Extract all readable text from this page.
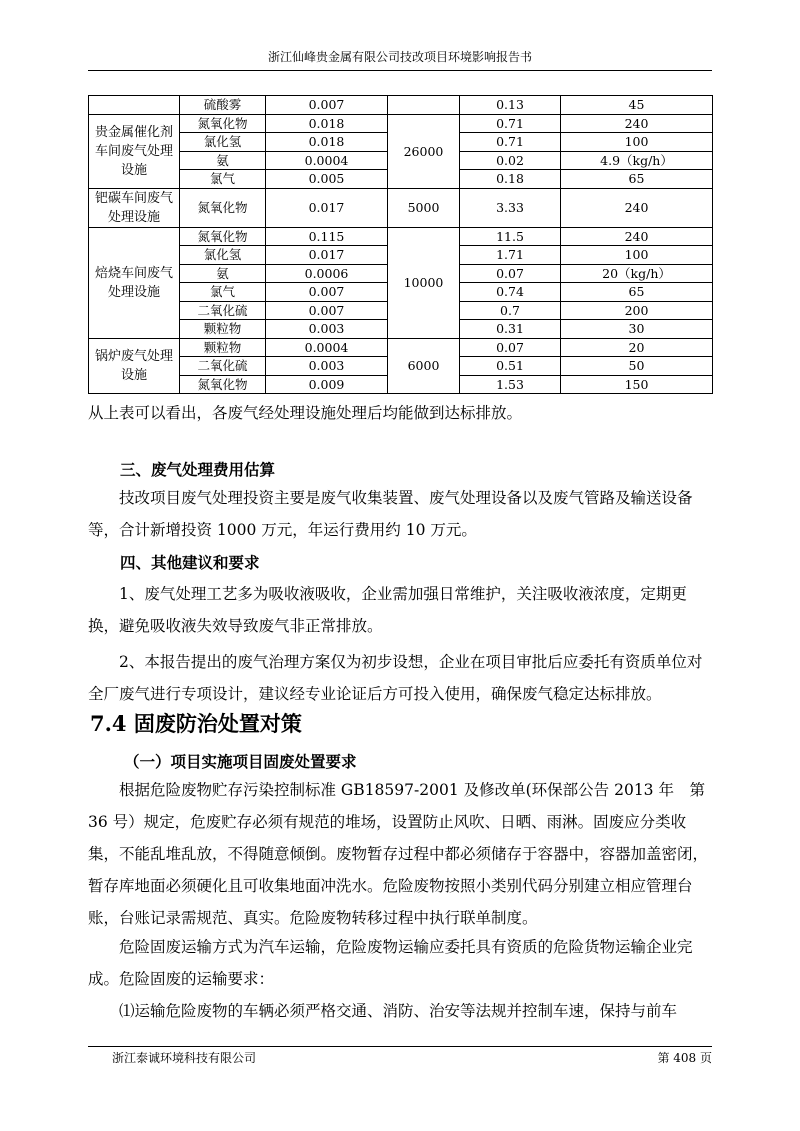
浙江仙峰贵金属有限公司技改项目环境影响报告书
	硫酸雾	0.007		0.13	45
贵金属催化剂车间废气处理设施	氮氧化物	0.018	26000	0.71	240
	氯化氢	0.018		0.71	100
	氨	0.0004		0.02	4.9（kg/h）
	氯气	0.005		0.18	65
钯碳车间废气处理设施	氮氧化物	0.017	5000	3.33	240
焙烧车间废气处理设施	氮氧化物	0.115	10000	11.5	240
	氯化氢	0.017		1.71	100
	氨	0.0006		0.07	20（kg/h）
	氯气	0.007		0.74	65
	二氧化硫	0.007		0.7	200
	颗粒物	0.003		0.31	30
锅炉废气处理设施	颗粒物	0.0004	6000	0.07	20
	二氧化硫	0.003		0.51	50
	氮氧化物	0.009		1.53	150
从上表可以看出，各废气经处理设施处理后均能做到达标排放。
三、废气处理费用估算
技改项目废气处理投资主要是废气收集装置、废气处理设备以及废气管路及输送设备等，合计新增投资 1000 万元，年运行费用约 10 万元。
四、其他建议和要求
1、废气处理工艺多为吸收液吸收，企业需加强日常维护，关注吸收液浓度，定期更换，避免吸收液失效导致废气非正常排放。
2、本报告提出的废气治理方案仅为初步设想，企业在项目审批后应委托有资质单位对全厂废气进行专项设计，建议经专业论证后方可投入使用，确保废气稳定达标排放。
7.4 固废防治处置对策
（一）项目实施项目固废处置要求
根据危险废物贮存污染控制标准 GB18597-2001 及修改单(环保部公告 2013 年　第 36 号）规定，危废贮存必须有规范的堆场，设置防止风吹、日晒、雨淋。固废应分类收集，不能乱堆乱放，不得随意倾倒。废物暂存过程中都必须储存于容器中，容器加盖密闭，暂存库地面必须硬化且可收集地面冲洗水。危险废物按照小类别代码分别建立相应管理台账，台账记录需规范、真实。危险废物转移过程中执行联单制度。
危险固废运输方式为汽车运输，危险废物运输应委托具有资质的危险货物运输企业完成。危险固废的运输要求：
⑴运输危险废物的车辆必须严格交通、消防、治安等法规并控制车速，保持与前车
浙江泰诚环境科技有限公司	第 408 页
